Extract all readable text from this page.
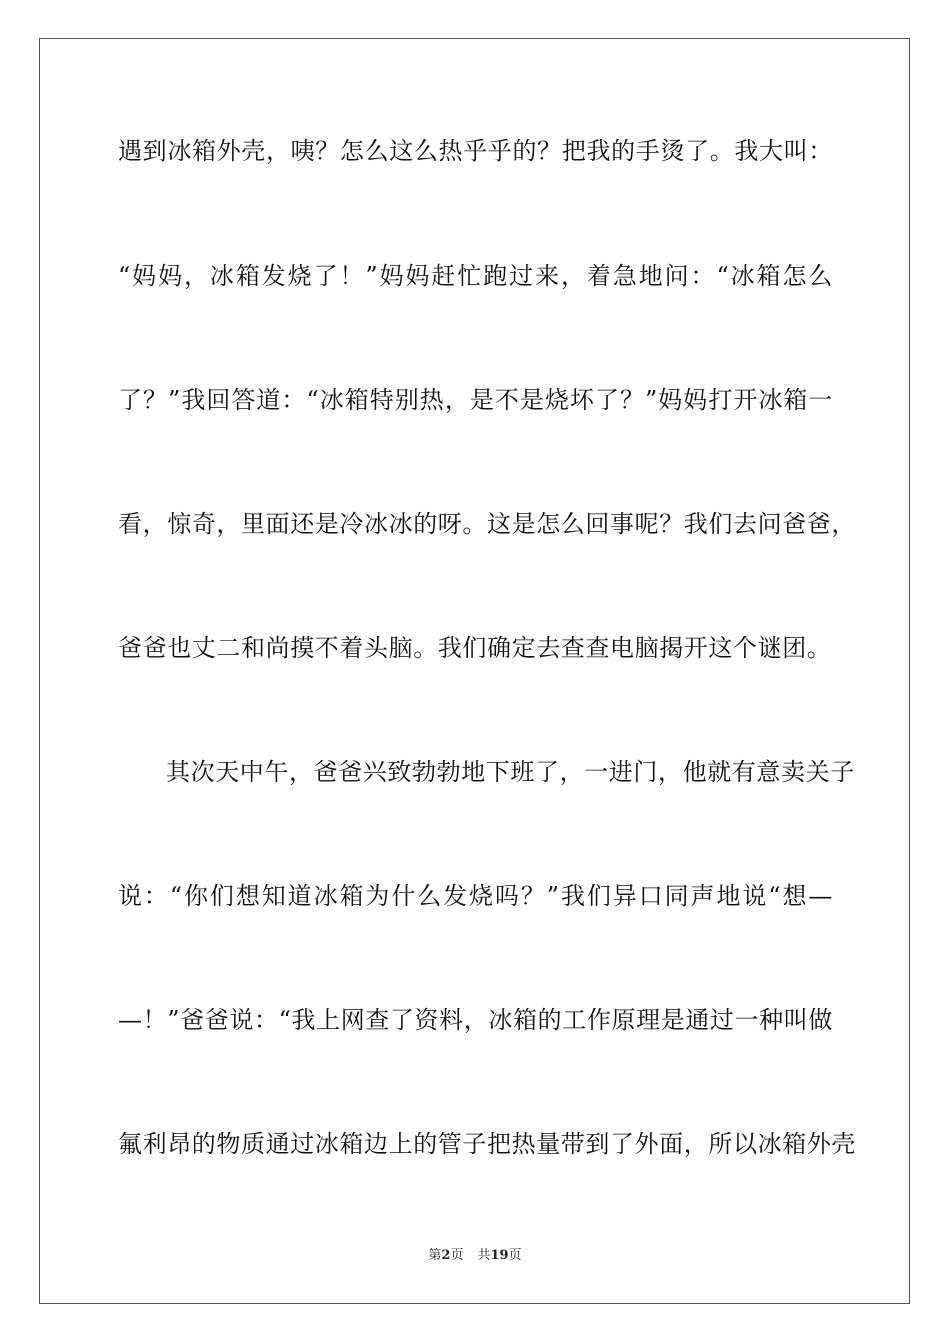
遇到冰箱外壳，咦？怎么这么热乎乎的？把我的手烫了。我大叫：
“妈妈，冰箱发烧了！”妈妈赶忙跑过来，着急地问：“冰箱怎么
了？”我回答道：“冰箱特别热，是不是烧坏了？”妈妈打开冰箱一
看，惊奇，里面还是冷冰冰的呀。这是怎么回事呢？我们去问爸爸，
爸爸也丈二和尚摸不着头脑。我们确定去查查电脑揭开这个谜团。
其次天中午，爸爸兴致勃勃地下班了，一进门，他就有意卖关子
说：“你们想知道冰箱为什么发烧吗？”我们异口同声地说“想—
—！”爸爸说：“我上网查了资料，冰箱的工作原理是通过一种叫做
氟利昂的物质通过冰箱边上的管子把热量带到了外面，所以冰箱外壳
第2页 共19页
